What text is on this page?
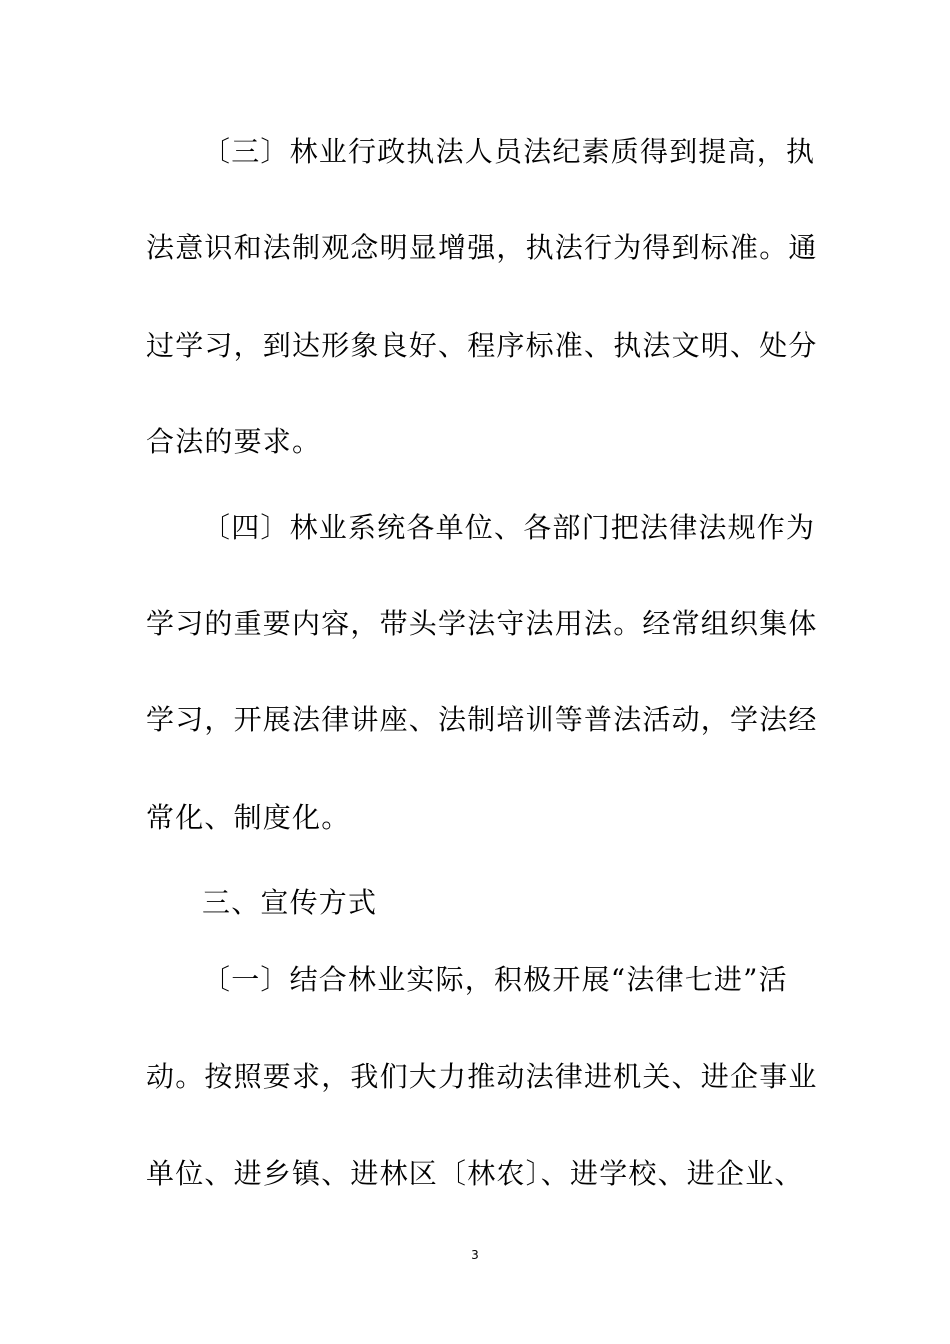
〔三〕林业行政执法人员法纪素质得到提高，执
法意识和法制观念明显增强，执法行为得到标准。通
过学习，到达形象良好、程序标准、执法文明、处分
合法的要求。
〔四〕林业系统各单位、各部门把法律法规作为
学习的重要内容，带头学法守法用法。经常组织集体
学习，开展法律讲座、法制培训等普法活动，学法经
常化、制度化。
三、宣传方式
〔一〕结合林业实际，积极开展“法律七进”活
动。按照要求，我们大力推动法律进机关、进企事业
单位、进乡镇、进林区〔林农〕、进学校、进企业、
3
